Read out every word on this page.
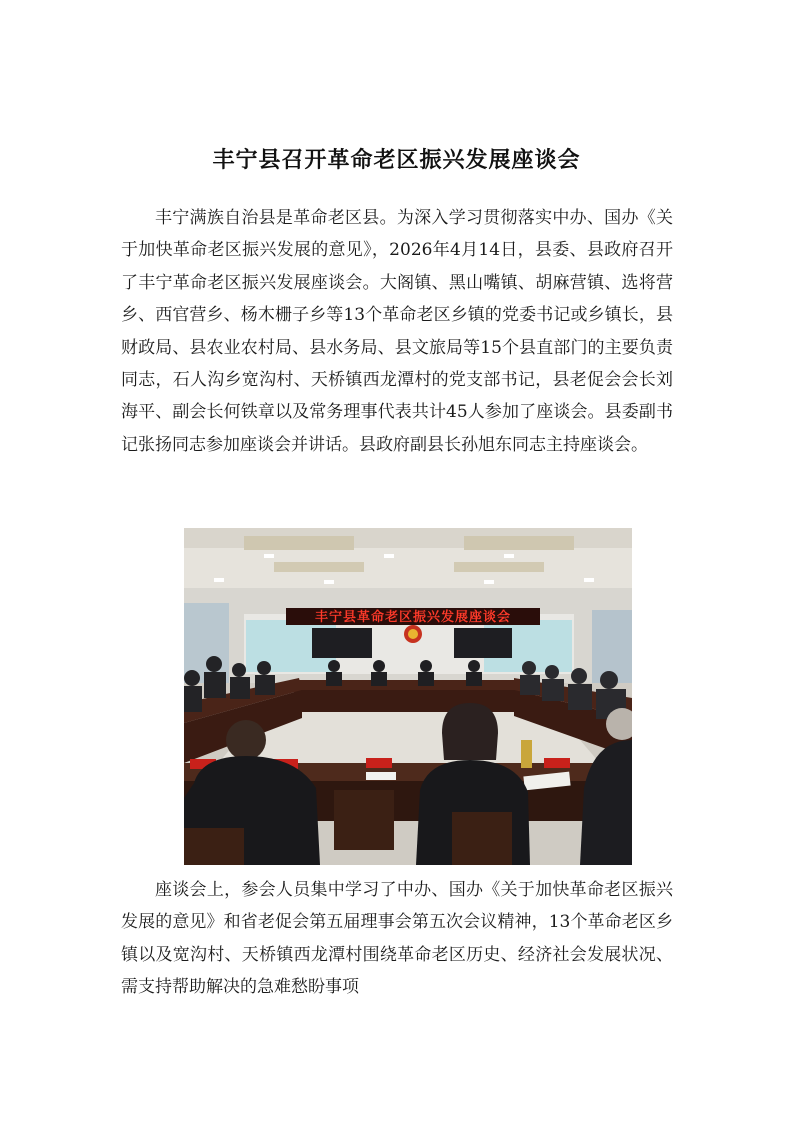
丰宁县召开革命老区振兴发展座谈会

丰宁满族自治县是革命老区县。为深入学习贯彻落实中办、国办《关于加快革命老区振兴发展的意见》，2026年4月14日，县委、县政府召开了丰宁革命老区振兴发展座谈会。大阁镇、黑山嘴镇、胡麻营镇、选将营乡、西官营乡、杨木栅子乡等13个革命老区乡镇的党委书记或乡镇长，县财政局、县农业农村局、县水务局、县文旅局等15个县直部门的主要负责同志，石人沟乡宽沟村、天桥镇西龙潭村的党支部书记，县老促会会长刘海平、副会长何铁章以及常务理事代表共计45人参加了座谈会。县委副书记张扬同志参加座谈会并讲话。县政府副县长孙旭东同志主持座谈会。

丰宁县革命老区振兴发展座谈会

座谈会上，参会人员集中学习了中办、国办《关于加快革命老区振兴发展的意见》和省老促会第五届理事会第五次会议精神，13个革命老区乡镇以及宽沟村、天桥镇西龙潭村围绕革命老区历史、经济社会发展状况、需支持帮助解决的急难愁盼事项
